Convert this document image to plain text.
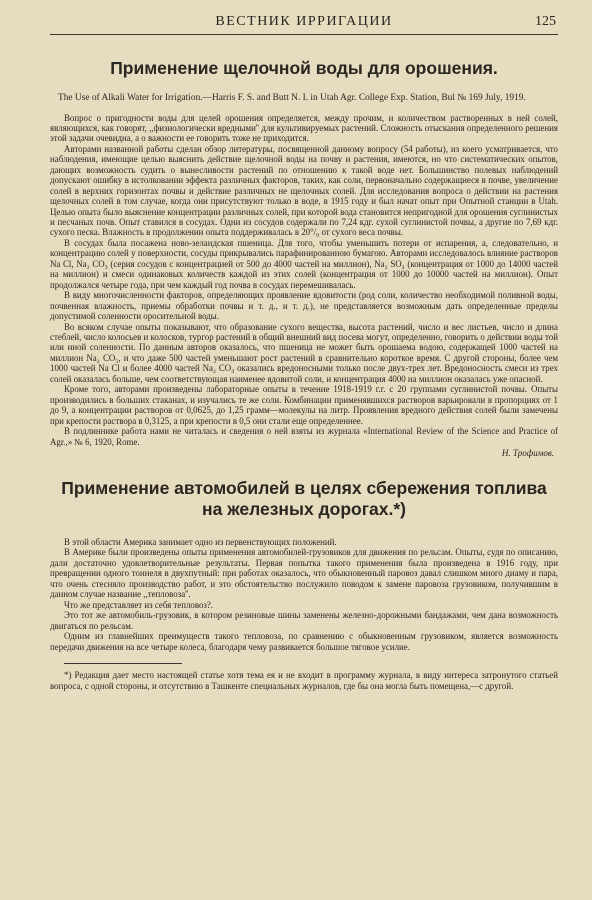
ВЕСТНИК ИРРИГАЦИИ	125
Применение щелочной воды для орошения.
The Use of Alkali Water for Irrigation.—Harris F. S. and Butt N. I. in Utah Agr. College Exp. Station, Bul № 169 July, 1919.

Вопрос о пригодности воды для целей орошения определяется, между прочим, и количеством растворенных в ней солей, являющихся, как говорят, ,,физиологически вредными'' для культивируемых растений. Сложность отыскания определенного решения этой задачи очевидна, а о важности ее говорить тоже не приходится.

Авторами названной работы сделан обзор литературы, посвященной данному вопросу (54 работы), из коего усматривается, что наблюдения, имеющие целью выяснить действие щелочной воды на почву и растения, имеются, но что систематических опытов, дающих возможность судить о вынесливости растений по отношению к такой воде нет. Большинство полевых наблюдений допускают ошибку в истолковании эффекта различных факторов, таких, как соли, первоначально содержащиеся в почве, увеличение солей в верхних горизонтах почвы и действие различных не щелочных солей. Для исследования вопроса о действии на растения щелочных солей в том случае, когда они присутствуют только в воде, в 1915 году и был начат опыт при Опытной станции в Utah. Целью опыта было выяснение концентрации различных солей, при которой вода становится непригодной для орошения суглинистых и песчаных почв. Опыт ставился в сосудах. Одни из сосудов содержали по 7,24 кдг. сухой суглинистой почвы, а другие по 7,69 кдг. сухого песка. Влажность в продолжении опыта поддерживалась в 20°/₀ от сухого веса почвы.

В сосудах была посажена ново-зеландская пшеница. Для того, чтобы уменьшить потери от испарения, а, следовательно, и концентрацию солей у поверхности, сосуды прикрывались парафинированною бумагою. Авторами исследовалось влияние растворов Na Cl, Na₂ CO₃ (серия сосудов с концентрацией от 500 до 4000 частей на миллион), Na₂ SO₄ (концентрация от 1000 до 14000 частей на миллион) и смеси одинаковых количеств каждой из этих солей (концентрация от 1000 до 10000 частей на миллион). Опыт продолжался четыре года, при чем каждый год почва в сосудах перемешивалась.

В виду многочисленности факторов, определяющих проявление ядовитости (род соли, количество необходимой поливной воды, почвенная влажность, приемы обработки почвы и т. д., и т. д.), не представляется возможным дать определенные пределы допустимой соленности оросительной воды.

Во всяком случае опыты показывают, что образование сухого вещества, высота растений, число и вес листьев, число и длина стеблей, число колосьев и колосков, тургор растений в общий внешний вид посева могут, определенно, говорить о действии воды той или иной соленности. По данным авторов оказалось, что пшеница не может быть орошаема водою, содержащей 1000 частей на миллион Na₂ CO₃, и что даже 500 частей уменьшают рост растений в сравнительно короткое время. С другой стороны, более чем 1000 частей Na Cl и более 4000 частей Na₂ CO₄ оказались вредоносными только после двух-трех лет. Вредоносность смеси из трех солей оказалась больше, чем соответствующая наименее ядовитой соли, и концентрация 4000 на миллион оказалась уже опасной.

Кроме того, авторами произведены лабораторные опыты в течение 1918-1919 г.г. с 20 группами суглинистой почвы. Опыты производились в больших стаканах, и изучались те же соли. Комбинации применявшихся растворов варьировали в пропорциях от 1 до 9, а концентрации растворов от 0,0625, до 1,25 грамм—молекулы на литр. Проявления вредного действия солей были замечены при крепости раствора в 0,3125, а при крепости в 0,5 они стали еще определеннее.

В подлиннике работа нами не читалась и сведения о ней взяты из журнала «International Review of the Science and Practice of Agr.,» № 6, 1920, Rome.

Н. Трофимов.
Применение автомобилей в целях сбережения топлива на железных дорогах.*)

В этой области Америка занимает одно из первенствующих положений.

В Америке были произведены опыты применения автомобилей-грузовиков для движения по рельсам. Опыты, судя по описанию, дали достаточно удовлетворительные результаты. Первая попытка такого применения была произведена в 1916 году, при превращении одного тоннеля в двухпутный: при работах оказалось, что обыкновенный паровоз давал слишком много диаму и пара, что очень стесняло производство работ, и это обстоятельство послужило поводом к замене паровоза грузовиком, получившим в данном случае название ,,тепловоза''.

Что же представляет из себя тепловоз?.

Это тот же автомобиль-грузовик, в котором резиновые шины заменены железно-дорожными бандажами, чем дана возможность двигаться по рельсам.

Одним из главнейших преимуществ такого тепловоза, по сравнению с обыкновенным грузовиком, является возможность передачи движения на все четыре колеса, благодаря чему развивается большое тяговое усилие.

*) Редакция дает место настоящей статье хотя тема ея и не входит в программу журнала, в виду интереса затронутого статьей вопроса, с одной стороны, и отсутствию в Ташкенте специальных журналов, где бы она могла быть помещена,—с другой.
